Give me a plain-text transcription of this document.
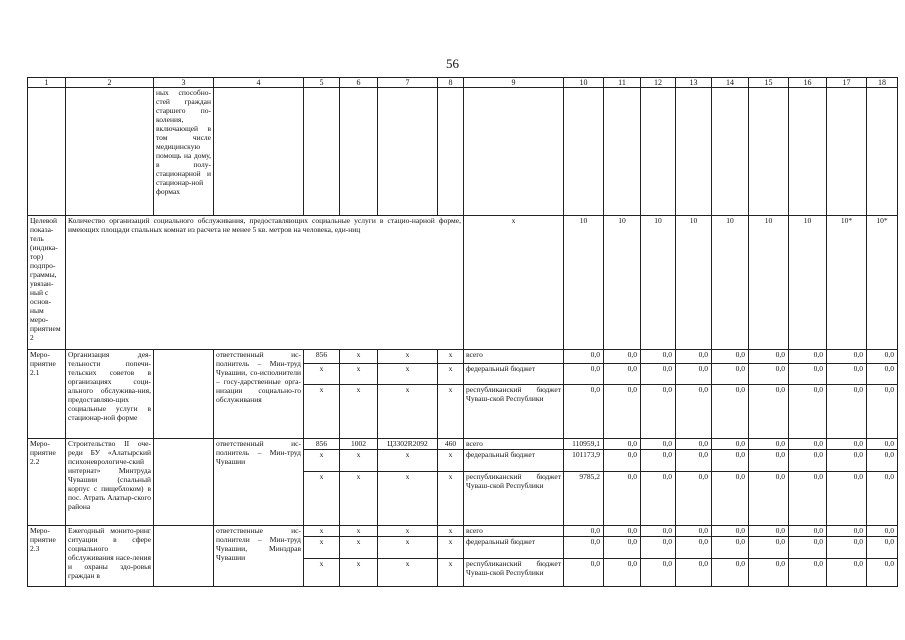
56
1	2	3	4	5	6	7	8	9	10	11	12	13	14	15	16	17	18
		ных способно-стей граждан старшего по-коления, включающей в том числе медицинскую помощь на дому, в полу-стационарной и стационар-ной формах															
Целевой показа-тель (индика-тор) подпро-граммы, увязан-ный с основ-ным меро-приятием 2	Количество организаций социального обслуживания, предоставляющих социальные услуги в стацио-нарной форме, имеющих площади спальных комнат из расчета не менее 5 кв. метров на человека, еди-ниц							х	10	10	10	10	10	10	10	10*	10*
Меро-приятие 2.1	Организация дея-тельности попечи-тельских советов в организациях соци-ального обслужива-ния, предоставляю-щих социальные услуги в стационар-ной форме		ответственный ис-полнитель – Мин-труд Чувашии, со-исполнители – госу-дарственные орга-низации социально-го обслуживания	856	х	х	х	всего	0,0	0,0	0,0	0,0	0,0	0,0	0,0	0,0	0,0
				х	х	х	х	федеральный бюджет	0,0	0,0	0,0	0,0	0,0	0,0	0,0	0,0	0,0
				х	х	х	х	республиканский бюджет Чуваш-ской Республики	0,0	0,0	0,0	0,0	0,0	0,0	0,0	0,0	0,0
Меро-приятие 2.2	Строительство II оче-реди БУ «Алатырский психоневрологиче-ский интернат» Минтруда Чувашии (спальный корпус с пищеблоком) в пос. Атрать Алатыр-ского района		ответственный ис-полнитель – Мин-труд Чувашии	856	1002	Ц3302R2092	460	всего	110959,1	0,0	0,0	0,0	0,0	0,0	0,0	0,0	0,0
				х	х	х	х	федеральный бюджет	101173,9	0,0	0,0	0,0	0,0	0,0	0,0	0,0	0,0
				х	х	х	х	республиканский бюджет Чуваш-ской Республики	9785,2	0,0	0,0	0,0	0,0	0,0	0,0	0,0	0,0
Меро-приятие 2.3	Ежегодный монито-ринг ситуации в сфере социального обслуживания насе-ления и охраны здо-ровья граждан в		ответственные ис-полнители – Мин-труд Чувашии, Минздрав Чувашии	х	х	х	х	всего	0,0	0,0	0,0	0,0	0,0	0,0	0,0	0,0	0,0
				х	х	х	х	федеральный бюджет	0,0	0,0	0,0	0,0	0,0	0,0	0,0	0,0	0,0
				х	х	х	х	республиканский бюджет Чуваш-ской Республики	0,0	0,0	0,0	0,0	0,0	0,0	0,0	0,0	0,0
